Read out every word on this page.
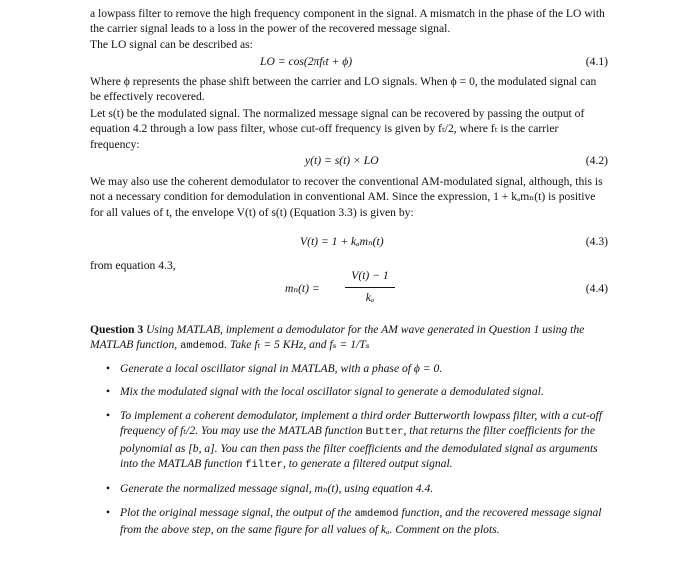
a lowpass filter to remove the high frequency component in the signal. A mismatch in the phase of the LO with the carrier signal leads to a loss in the power of the recovered message signal.
The LO signal can be described as:

LO = cos(2πfₜt + ϕ)	(4.1)

Where ϕ represents the phase shift between the carrier and LO signals. When ϕ = 0, the modulated signal can be effectively recovered.

Let s(t) be the modulated signal. The normalized message signal can be recovered by passing the output of equation 4.2 through a low pass filter, whose cut-off frequency is given by fₜ/2, where fₜ is the carrier frequency:

y(t) = s(t) × LO	(4.2)

We may also use the coherent demodulator to recover the conventional AM-modulated signal, although, this is not a necessary condition for demodulation in conventional AM. Since the expression, 1 + kₐmₙ(t) is positive for all values of t, the envelope V(t) of s(t) (Equation 3.3) is given by:

V(t) = 1 + kₐmₙ(t)	(4.3)

from equation 4.3,

mₙ(t) =
V(t) − 1
kₐ
(4.4)

Question 3 Using MATLAB, implement a demodulator for the AM wave generated in Question 1 using the MATLAB function, amdemod. Take fₜ = 5 KHz, and fₛ = 1/Tₛ

• Generate a local oscillator signal in MATLAB, with a phase of ϕ = 0.
• Mix the modulated signal with the local oscillator signal to generate a demodulated signal.
• To implement a coherent demodulator, implement a third order Butterworth lowpass filter, with a cut-off frequency of fₜ/2. You may use the MATLAB function Butter, that returns the filter coefficients for the polynomial as [b, a]. You can then pass the filter coefficients and the demodulated signal as arguments into the MATLAB function filter, to generate a filtered output signal.
• Generate the normalized message signal, mₙ(t), using equation 4.4.
• Plot the original message signal, the output of the amdemod function, and the recovered message signal from the above step, on the same figure for all values of kₐ. Comment on the plots.
